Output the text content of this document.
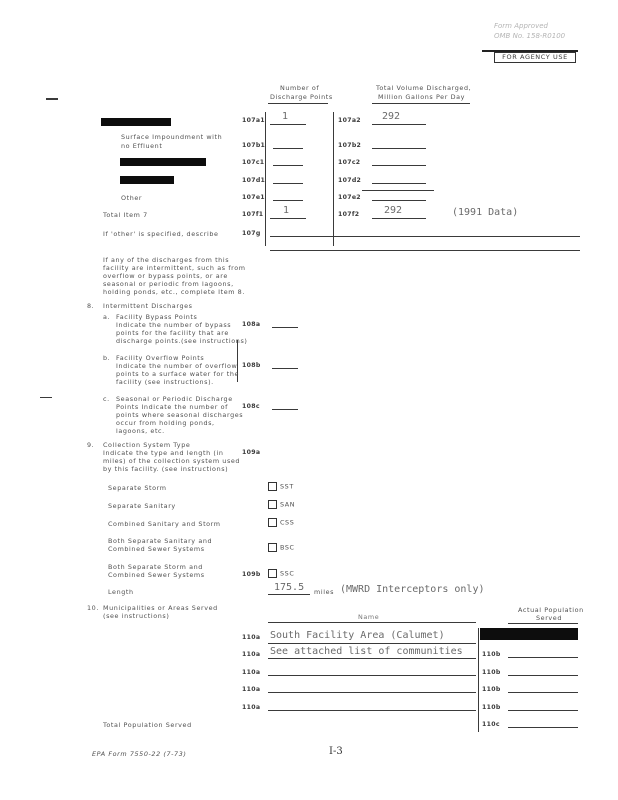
Form Approved
OMB No. 158-R0100
FOR AGENCY USE
Number of
Discharge Points
Total Volume Discharged,
Million Gallons Per Day
107a1 1	107a2 292
Surface Impoundment with
no Effluent	107b1	107b2
107c1	107c2
107d1	107d2
Other	107e1	107e2
Total Item 7	107f1 1	107f2 292	(1991 Data)
If 'other' is specified, describe	107g
If any of the discharges from this
facility are intermittent, such as from
overflow or bypass points, or are
seasonal or periodic from lagoons,
holding ponds, etc., complete Item 8.
8. Intermittent Discharges
a. Facility Bypass Points
Indicate the number of bypass
points for the facility that are
discharge points.(see instructions)
108a
b. Facility Overflow Points
Indicate the number of overflow
points to a surface water for the
facility (see instructions).
108b
c. Seasonal or Periodic Discharge
Points Indicate the number of
points where seasonal discharges
occur from holding ponds,
lagoons, etc.
108c
9. Collection System Type
Indicate the type and length (in
miles) of the collection system used
by this facility. (see instructions)
109a
Separate Storm	SST
Separate Sanitary	SAN
Combined Sanitary and Storm	CSS
Both Separate Sanitary and
Combined Sewer Systems	BSC
Both Separate Storm and
Combined Sewer Systems	SSC
Length
109b
175.5 miles (MWRD Interceptors only)
10. Municipalities or Areas Served
(see instructions)	Name
Actual Population
Served
110a South Facility Area (Calumet)
110a See attached list of communities	110b
110a	110b
110a	110b
110a	110b
Total Population Served	110c
EPA Form 7550-22 (7-73)	I-3
